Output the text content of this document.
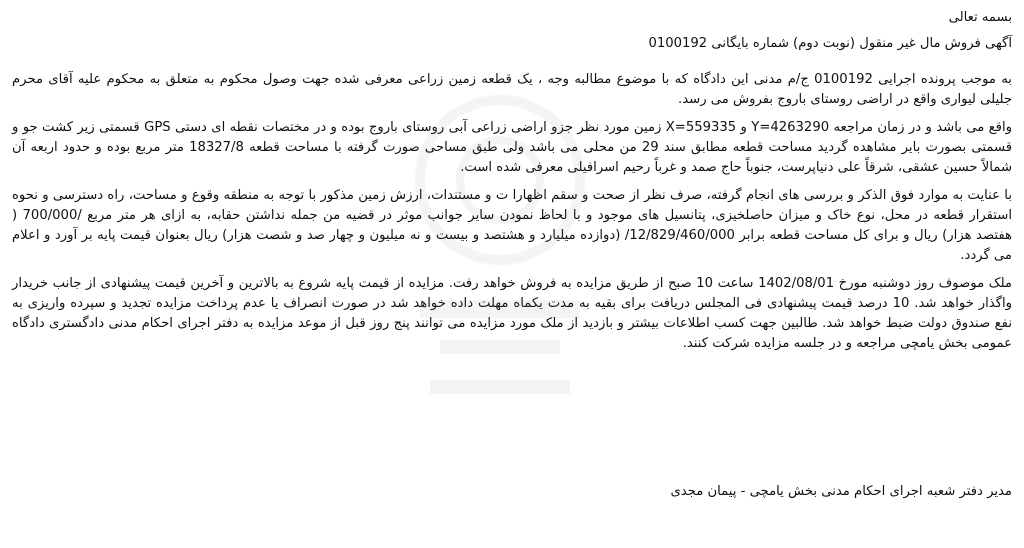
بسمه تعالی

آگهی فروش مال غیر منقول (نوبت دوم) شماره بایگانی 0100192

به موجب پرونده اجرایی 0100192 ج/م مدنی این دادگاه که با موضوع مطالبه وجه ، یک قطعه زمین زراعی معرفی شده جهت وصول محکوم به متعلق به محکوم علیه آقای محرم جلیلی لیواری واقع در اراضی روستای باروج بفروش می رسد.

واقع می باشد و در زمان مراجعه Y=4263290 و X=559335 زمین مورد نظر جزو اراضی زراعی آبی روستای باروج بوده و در مختصات نقطه ای دستی GPS قسمتی زیر کشت جو و قسمتی بصورت بایر مشاهده گردید مساحت قطعه مطابق سند 29 من محلی می باشد ولی طبق مساحی صورت گرفته با مساحت قطعه 18327/8 متر مربع بوده و حدود اربعه آن شمالاً حسین عشقی، شرقاً علی دنیاپرست، جنوباً حاج صمد و غرباً رحیم اسرافیلی معرفی شده است.

با عنایت به موارد فوق الذکر و بررسی های انجام گرفته، صرف نظر از صحت و سقم اظهارا ت و مستندات، ارزش زمین مذکور با توجه به منطقه وقوع و مساحت، راه دسترسی و نحوه استقرار قطعه در محل، نوع خاک و میزان حاصلخیزی، پتانسیل های موجود و با لحاظ نمودن سایر جوانب موثر در قضیه من جمله نداشتن حقابه، به ازای هر متر مربع /700/000 ( هفتصد هزار) ریال و برای کل مساحت قطعه برابر 12/829/460/000/ (دوازده میلیارد و هشتصد و بیست و نه میلیون و چهار صد و شصت هزار) ریال بعنوان قیمت پایه بر آورد و اعلام می گردد.

ملک موصوف روز دوشنبه مورخ 1402/08/01 ساعت 10 صبح از طریق مزایده به فروش خواهد رفت. مزایده از قیمت پایه شروع به بالاترین و آخرین قیمت پیشنهادی از جانب خریدار واگذار خواهد شد. 10 درصد قیمت پیشنهادی فی المجلس دریافت برای بقیه به مدت یکماه مهلت داده خواهد شد در صورت انصراف یا عدم پرداخت مزایده تجدید و سپرده واریزی به نفع صندوق دولت ضبط خواهد شد. طالبین جهت کسب اطلاعات بیشتر و بازدید از ملک مورد مزایده می توانند پنج روز قبل از موعد مزایده به دفتر اجرای احکام مدنی دادگستری دادگاه عمومی بخش یامچی مراجعه و در جلسه مزایده شرکت کنند.

مدیر دفتر شعبه اجرای احکام مدنی بخش یامچی - پیمان مجدی
